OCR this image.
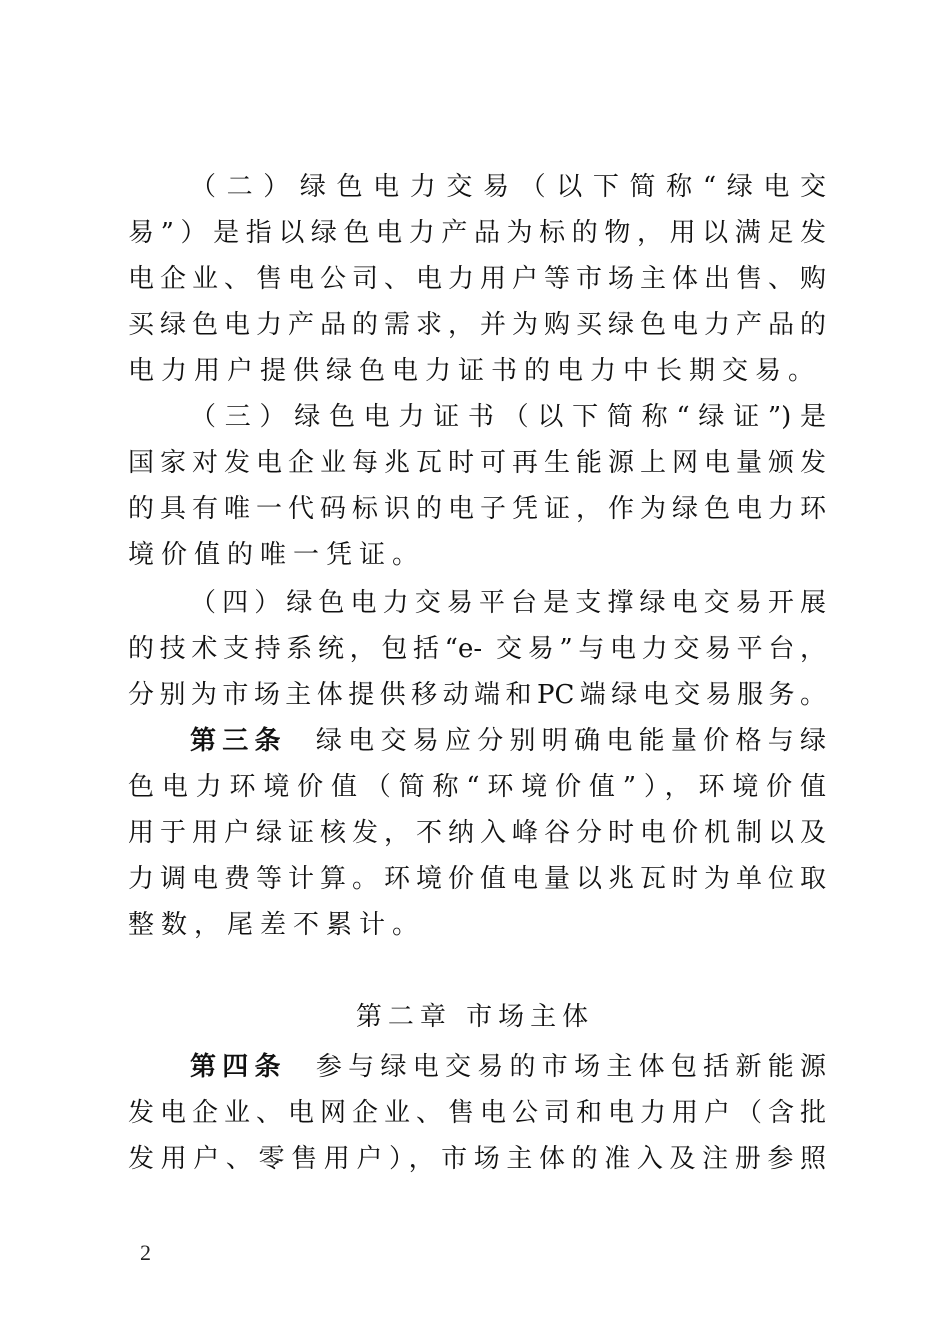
（二）绿色电力交易（以下简称“绿电交
易”）是指以绿色电力产品为标的物，用以满足发
电企业、售电公司、电力用户等市场主体出售、购
买绿色电力产品的需求，并为购买绿色电力产品的
电力用户提供绿色电力证书的电力中长期交易。
（三）绿色电力证书（以下简称“绿证”)是
国家对发电企业每兆瓦时可再生能源上网电量颁发
的具有唯一代码标识的电子凭证，作为绿色电力环
境价值的唯一凭证。
（四）绿色电力交易平台是支撑绿电交易开展
的技术支持系统，包括“e- 交易”与电力交易平台，
分别为市场主体提供移动端和PC端绿电交易服务。
第三条 绿电交易应分别明确电能量价格与绿
色电力环境价值（简称“环境价值”），环境价值
用于用户绿证核发，不纳入峰谷分时电价机制以及
力调电费等计算。环境价值电量以兆瓦时为单位取
整数，尾差不累计。
第二章 市场主体
第四条 参与绿电交易的市场主体包括新能源
发电企业、电网企业、售电公司和电力用户（含批
发用户、零售用户），市场主体的准入及注册参照
2
